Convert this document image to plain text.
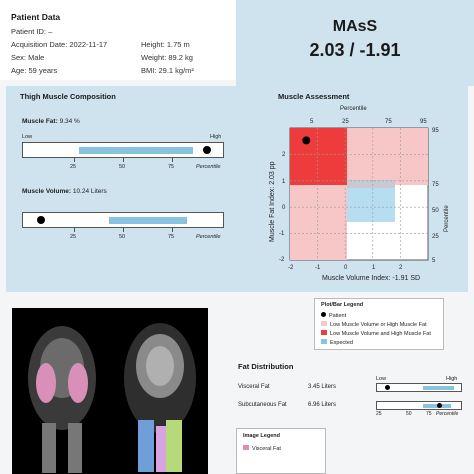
Patient Data
Patient ID: –
Acquisition Date: 2022-11-17
Sex: Male
Age: 59 years
Height: 1.75 m
Weight: 89.2 kg
BMI: 29.1 kg/m²
MAsS
2.03 / -1.91
Thigh Muscle Composition
Muscle Fat: 9.34 %
Low	High
25	50	75	Percentile
Muscle Volume: 10.24 Liters
25	50	75	Percentile
Muscle Assessment
Percentile
5	25	75	95
95
75
50
25
5
2
1
0
-1
-2
-2	-1	0	1	2
Muscle Volume Index: -1.91 SD
Muscle Fat Index: 2.03 pp	Percentile
Plot/Bar Legend
Patient
Low Muscle Volume or High Muscle Fat
Low Muscle Volume and High Muscle Fat
Expected
Fat Distribution
Low	High
Visceral Fat	3.45 Liters
Subcutaneous Fat	6.96 Liters
25	50	75 Percentile
Image Legend
Visceral Fat
